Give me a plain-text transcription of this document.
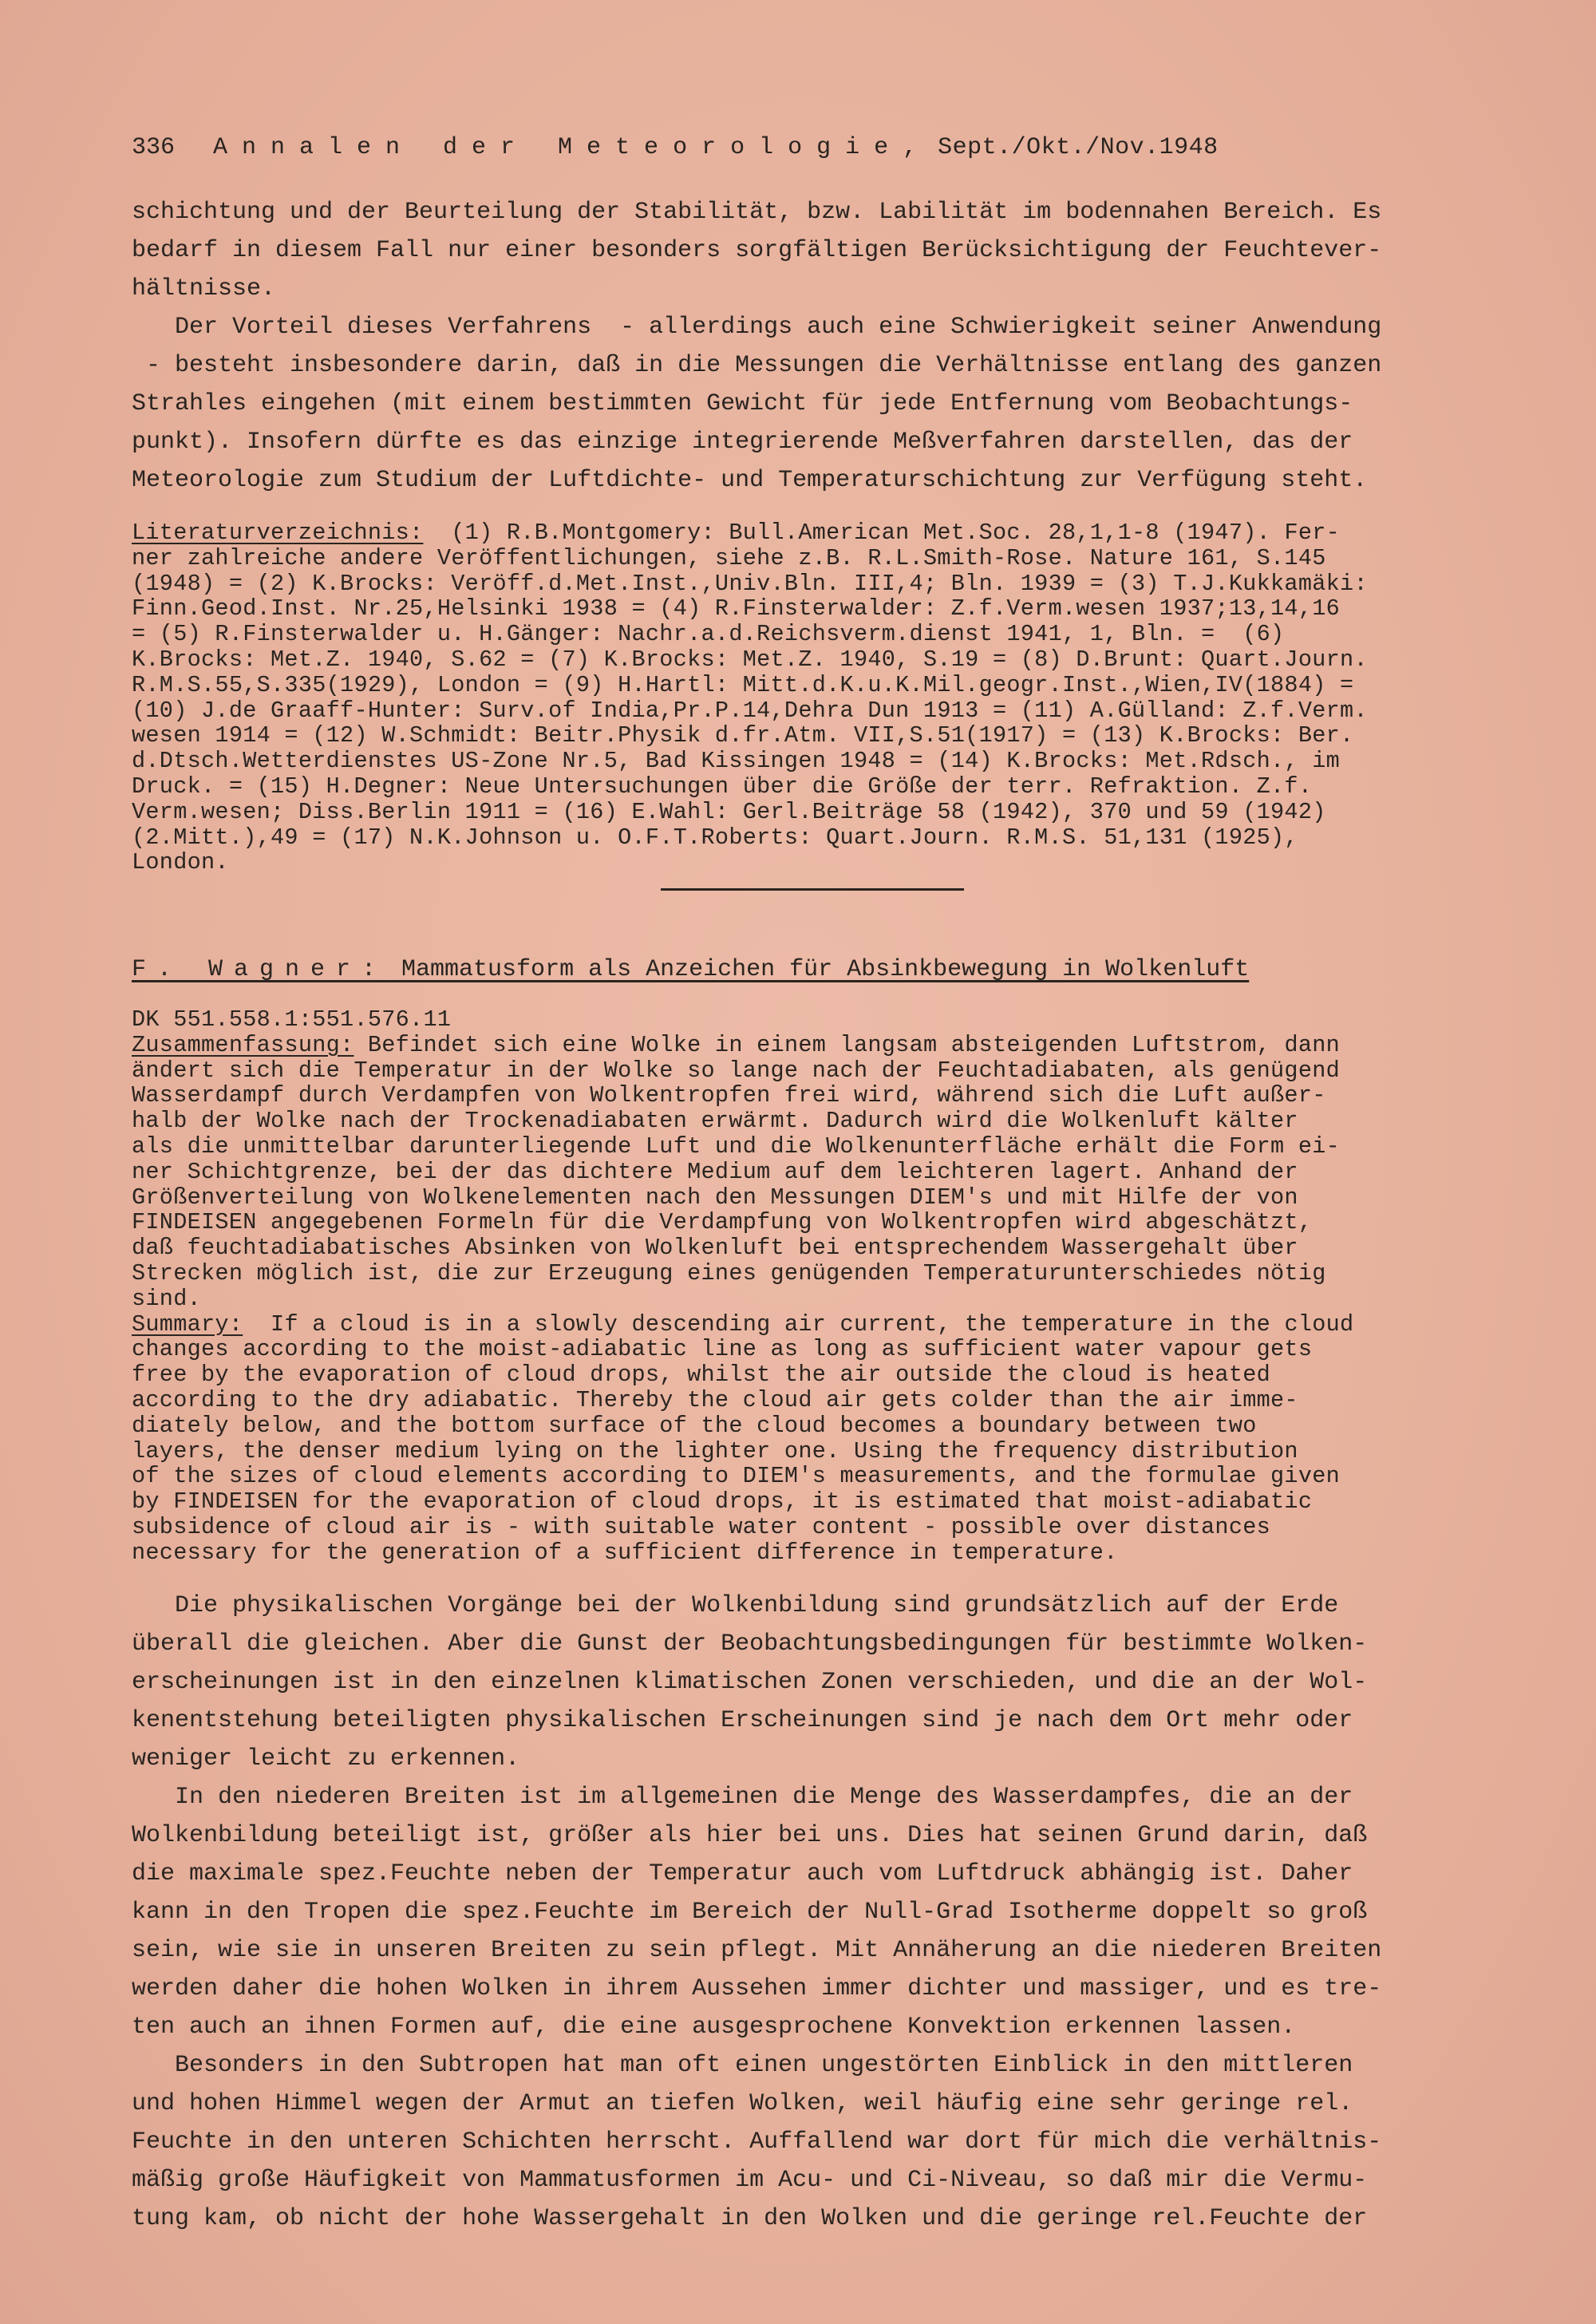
336 Annalen der Meteorologie, Sept./Okt./Nov.1948

schichtung und der Beurteilung der Stabilität, bzw. Labilität im bodennahen Bereich. Es

bedarf in diesem Fall nur einer besonders sorgfältigen Berücksichtigung der Feuchtever-

hältnisse.

Der Vorteil dieses Verfahrens  - allerdings auch eine Schwierigkeit seiner Anwendung

- besteht insbesondere darin, daß in die Messungen die Verhältnisse entlang des ganzen

Strahles eingehen (mit einem bestimmten Gewicht für jede Entfernung vom Beobachtungs-

punkt). Insofern dürfte es das einzige integrierende Meßverfahren darstellen, das der

Meteorologie zum Studium der Luftdichte- und Temperaturschichtung zur Verfügung steht.

Literaturverzeichnis:  (1) R.B.Montgomery: Bull.American Met.Soc. 28,1,1-8 (1947). Fer-

ner zahlreiche andere Veröffentlichungen, siehe z.B. R.L.Smith-Rose. Nature 161, S.145

(1948) = (2) K.Brocks: Veröff.d.Met.Inst.,Univ.Bln. III,4; Bln. 1939 = (3) T.J.Kukkamäki:

Finn.Geod.Inst. Nr.25,Helsinki 1938 = (4) R.Finsterwalder: Z.f.Verm.wesen 1937;13,14,16

= (5) R.Finsterwalder u. H.Gänger: Nachr.a.d.Reichsverm.dienst 1941, 1, Bln. =  (6)

K.Brocks: Met.Z. 1940, S.62 = (7) K.Brocks: Met.Z. 1940, S.19 = (8) D.Brunt: Quart.Journ.

R.M.S.55,S.335(1929), London = (9) H.Hartl: Mitt.d.K.u.K.Mil.geogr.Inst.,Wien,IV(1884) =

(10) J.de Graaff-Hunter: Surv.of India,Pr.P.14,Dehra Dun 1913 = (11) A.Gülland: Z.f.Verm.

wesen 1914 = (12) W.Schmidt: Beitr.Physik d.fr.Atm. VII,S.51(1917) = (13) K.Brocks: Ber.

d.Dtsch.Wetterdienstes US-Zone Nr.5, Bad Kissingen 1948 = (14) K.Brocks: Met.Rdsch., im

Druck. = (15) H.Degner: Neue Untersuchungen über die Größe der terr. Refraktion. Z.f.

Verm.wesen; Diss.Berlin 1911 = (16) E.Wahl: Gerl.Beiträge 58 (1942), 370 und 59 (1942)

(2.Mitt.),49 = (17) N.K.Johnson u. O.F.T.Roberts: Quart.Journ. R.M.S. 51,131 (1925),

London.

F. Wagner: Mammatusform als Anzeichen für Absinkbewegung in Wolkenluft

DK 551.558.1:551.576.11

Zusammenfassung: Befindet sich eine Wolke in einem langsam absteigenden Luftstrom, dann

ändert sich die Temperatur in der Wolke so lange nach der Feuchtadiabaten, als genügend

Wasserdampf durch Verdampfen von Wolkentropfen frei wird, während sich die Luft außer-

halb der Wolke nach der Trockenadiabaten erwärmt. Dadurch wird die Wolkenluft kälter

als die unmittelbar darunterliegende Luft und die Wolkenunterfläche erhält die Form ei-

ner Schichtgrenze, bei der das dichtere Medium auf dem leichteren lagert. Anhand der

Größenverteilung von Wolkenelementen nach den Messungen DIEM's und mit Hilfe der von

FINDEISEN angegebenen Formeln für die Verdampfung von Wolkentropfen wird abgeschätzt,

daß feuchtadiabatisches Absinken von Wolkenluft bei entsprechendem Wassergehalt über

Strecken möglich ist, die zur Erzeugung eines genügenden Temperaturunterschiedes nötig

sind.

Summary:  If a cloud is in a slowly descending air current, the temperature in the cloud

changes according to the moist-adiabatic line as long as sufficient water vapour gets

free by the evaporation of cloud drops, whilst the air outside the cloud is heated

according to the dry adiabatic. Thereby the cloud air gets colder than the air imme-

diately below, and the bottom surface of the cloud becomes a boundary between two

layers, the denser medium lying on the lighter one. Using the frequency distribution

of the sizes of cloud elements according to DIEM's measurements, and the formulae given

by FINDEISEN for the evaporation of cloud drops, it is estimated that moist-adiabatic

subsidence of cloud air is - with suitable water content - possible over distances

necessary for the generation of a sufficient difference in temperature.

Die physikalischen Vorgänge bei der Wolkenbildung sind grundsätzlich auf der Erde

überall die gleichen. Aber die Gunst der Beobachtungsbedingungen für bestimmte Wolken-

erscheinungen ist in den einzelnen klimatischen Zonen verschieden, und die an der Wol-

kenentstehung beteiligten physikalischen Erscheinungen sind je nach dem Ort mehr oder

weniger leicht zu erkennen.

In den niederen Breiten ist im allgemeinen die Menge des Wasserdampfes, die an der

Wolkenbildung beteiligt ist, größer als hier bei uns. Dies hat seinen Grund darin, daß

die maximale spez.Feuchte neben der Temperatur auch vom Luftdruck abhängig ist. Daher

kann in den Tropen die spez.Feuchte im Bereich der Null-Grad Isotherme doppelt so groß

sein, wie sie in unseren Breiten zu sein pflegt. Mit Annäherung an die niederen Breiten

werden daher die hohen Wolken in ihrem Aussehen immer dichter und massiger, und es tre-

ten auch an ihnen Formen auf, die eine ausgesprochene Konvektion erkennen lassen.

Besonders in den Subtropen hat man oft einen ungestörten Einblick in den mittleren

und hohen Himmel wegen der Armut an tiefen Wolken, weil häufig eine sehr geringe rel.

Feuchte in den unteren Schichten herrscht. Auffallend war dort für mich die verhältnis-

mäßig große Häufigkeit von Mammatusformen im Acu- und Ci-Niveau, so daß mir die Vermu-

tung kam, ob nicht der hohe Wassergehalt in den Wolken und die geringe rel.Feuchte der
